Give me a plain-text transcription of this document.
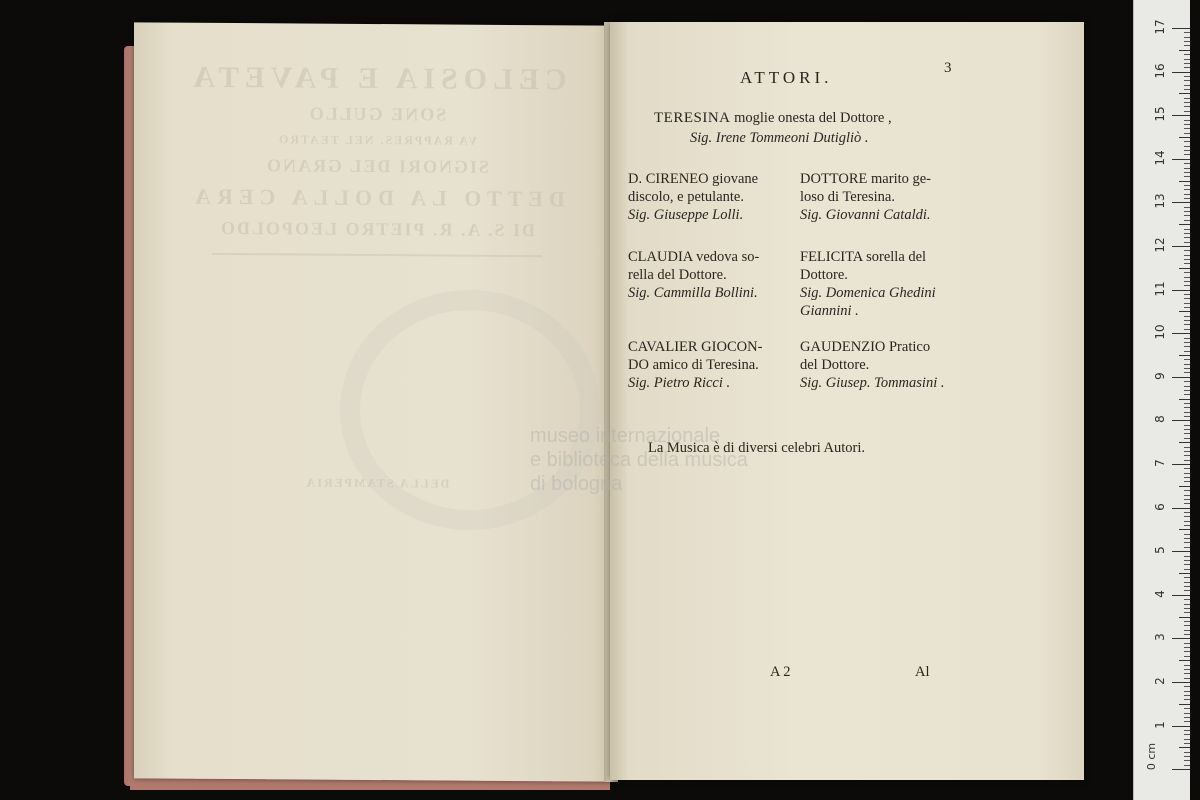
CELOSIA E PAVETA
SONE GULLO
VA RAPPRES. NEL TEATRO
SIGNORI DEL GRANO
DETTO LA DOLLA CERA
DI S. A. R. PIETRO LEOPOLDO
DELLA STAMPERIA
museo internazionale
e biblioteca della musica
di bologna
3
ATTORI.
TERESINA moglie onesta del Dottore ,
Sig. Irene Tommeoni Dutigliò .
D. CIRENEO giovane
discolo, e petulante.
Sig. Giuseppe Lolli.
DOTTORE marito ge-
loso di Teresina.
Sig. Giovanni Cataldi.
CLAUDIA vedova so-
rella del Dottore.
Sig. Cammilla Bollini.
FELICITA sorella del
Dottore.
Sig. Domenica Ghedini
Giannini .
CAVALIER GIOCON-
DO amico di Teresina.
Sig. Pietro Ricci .
GAUDENZIO Pratico
del Dottore.
Sig. Giusep. Tommasini .
La Musica è di diversi celebri Autori.
A 2	Al
0 cm
17
16
15
14
13
12
11
10
9
8
7
6
5
4
3
2
1
